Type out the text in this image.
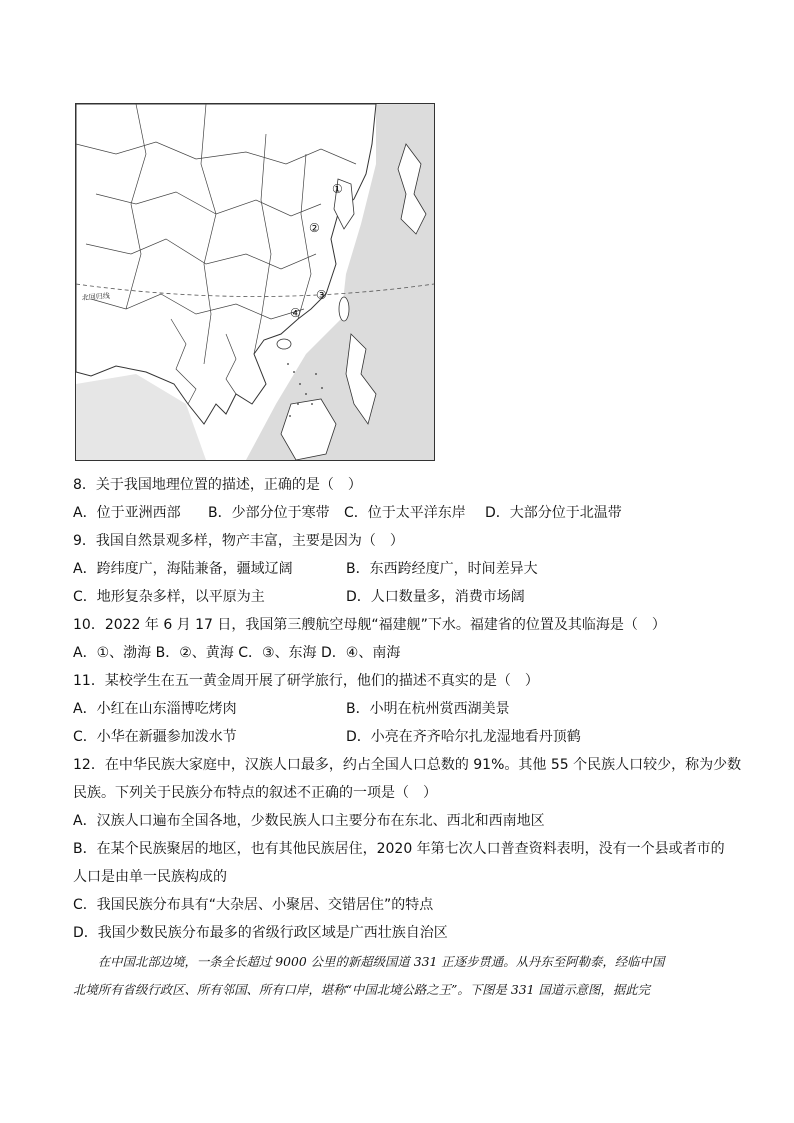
北回归线
①
②
③
④
8．关于我国地理位置的描述，正确的是（　）
A．位于亚洲西部 B．少部分位于寒带 C．位于太平洋东岸 D．大部分位于北温带
9．我国自然景观多样，物产丰富，主要是因为（　）
A．跨纬度广，海陆兼备，疆域辽阔	B．东西跨经度广，时间差异大
C．地形复杂多样，以平原为主	D．人口数量多，消费市场阔
10．2022 年 6 月 17 日，我国第三艘航空母舰“福建舰”下水。福建省的位置及其临海是（　）
A．①、渤海 B．②、黄海 C．③、东海 D．④、南海
11．某校学生在五一黄金周开展了研学旅行，他们的描述不真实的是（　）
A．小红在山东淄博吃烤肉	B．小明在杭州赏西湖美景
C．小华在新疆参加泼水节	D．小亮在齐齐哈尔扎龙湿地看丹顶鹤
12．在中华民族大家庭中，汉族人口最多，约占全国人口总数的 91%。其他 55 个民族人口较少，称为少数
民族。下列关于民族分布特点的叙述不正确的一项是（　）
A．汉族人口遍布全国各地，少数民族人口主要分布在东北、西北和西南地区
B．在某个民族聚居的地区，也有其他民族居住，2020 年第七次人口普查资料表明，没有一个县或者市的
人口是由单一民族构成的
C．我国民族分布具有“大杂居、小聚居、交错居住”的特点
D．我国少数民族分布最多的省级行政区域是广西壮族自治区
　　在中国北部边境，一条全长超过 9000 公里的新超级国道 331 正逐步贯通。从丹东至阿勒泰，经临中国
北境所有省级行政区、所有邻国、所有口岸，堪称“中国北境公路之王”。下图是 331 国道示意图，据此完
